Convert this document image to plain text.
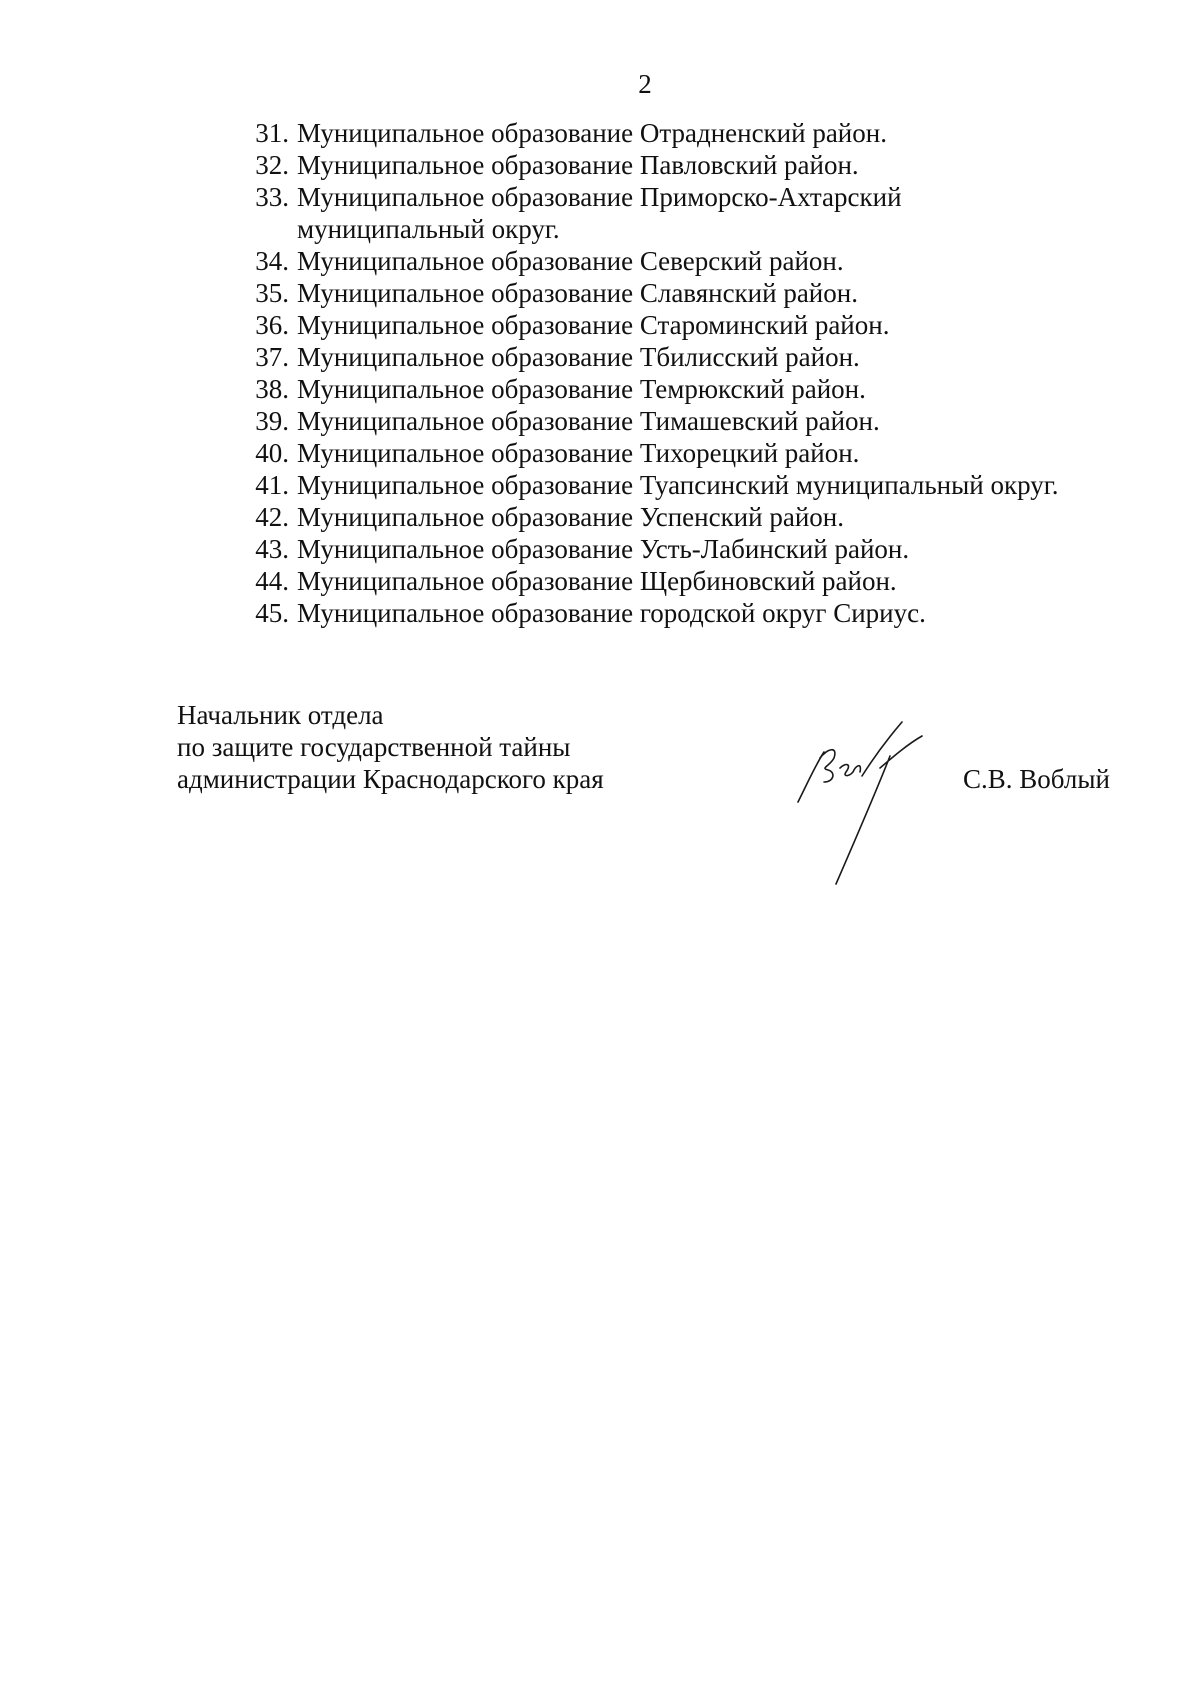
2
31. Муниципальное образование Отрадненский район.
32. Муниципальное образование Павловский район.
33. Муниципальное образование Приморско-Ахтарский муниципальный округ.
34. Муниципальное образование Северский район.
35. Муниципальное образование Славянский район.
36. Муниципальное образование Староминский район.
37. Муниципальное образование Тбилисский район.
38. Муниципальное образование Темрюкский район.
39. Муниципальное образование Тимашевский район.
40. Муниципальное образование Тихорецкий район.
41. Муниципальное образование Туапсинский муниципальный округ.
42. Муниципальное образование Успенский район.
43. Муниципальное образование Усть-Лабинский район.
44. Муниципальное образование Щербиновский район.
45. Муниципальное образование городской округ Сириус.
Начальник отдела
по защите государственной тайны
администрации Краснодарского края	С.В. Воблый
